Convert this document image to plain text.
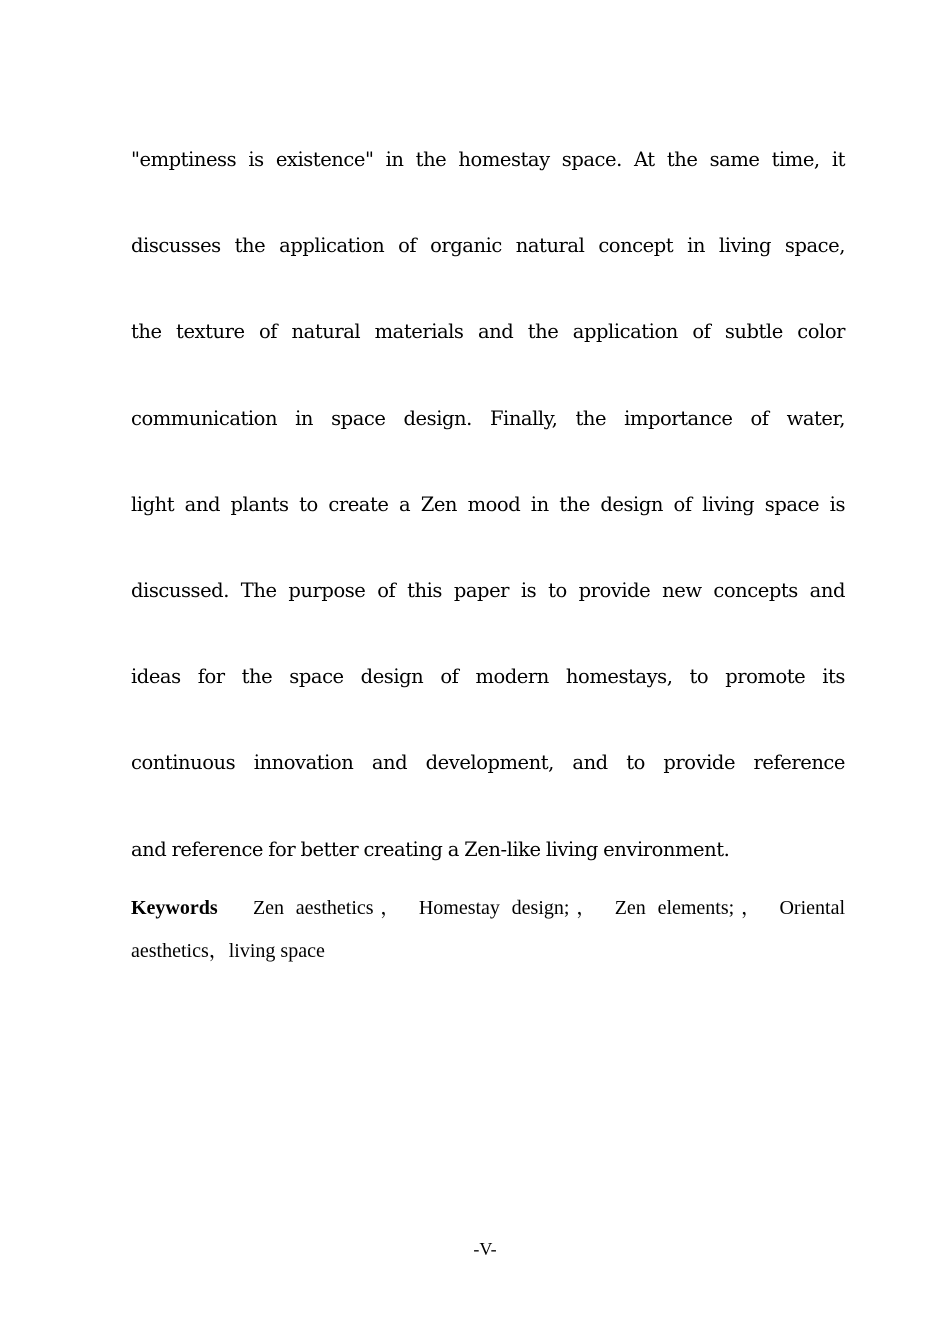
"emptiness is existence" in the homestay space. At the same time, it
discusses the application of organic natural concept in living space,
the texture of natural materials and the application of subtle color
communication in space design. Finally, the importance of water,
light and plants to create a Zen mood in the design of living space is
discussed. The purpose of this paper is to provide new concepts and
ideas for the space design of modern homestays, to promote its
continuous innovation and development, and to provide reference
and reference for better creating a Zen-like living environment.
Keywords Zen aesthetics， Homestay design;， Zen elements;， Oriental
aesthetics，living space
-V-
